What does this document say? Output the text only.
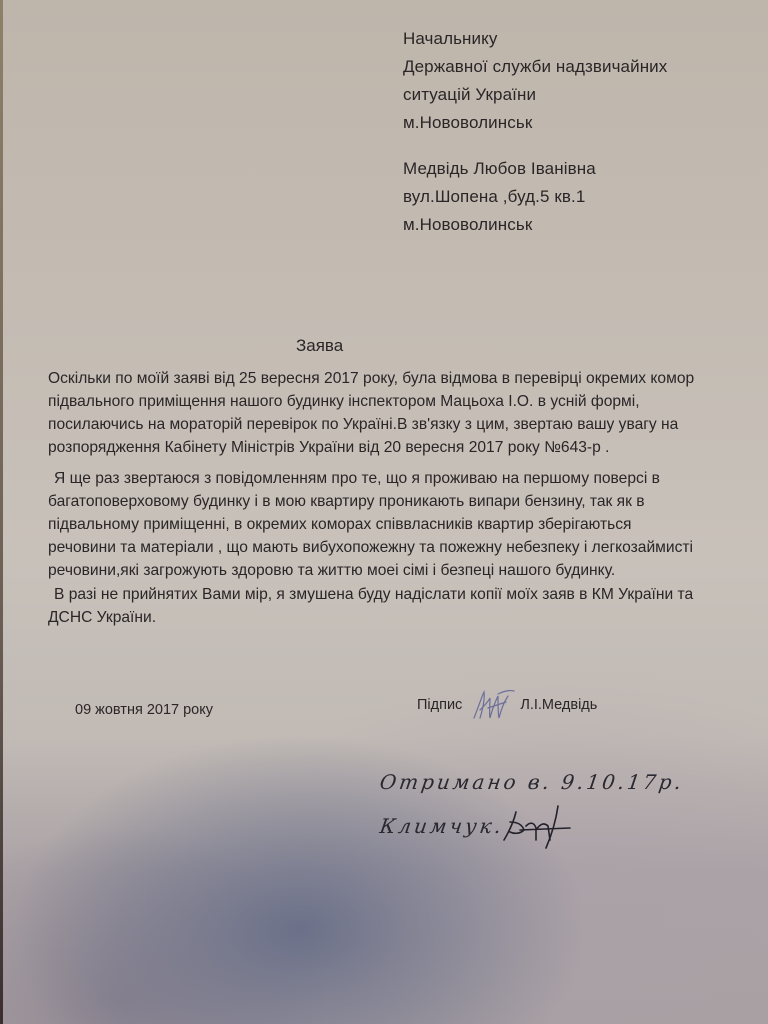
Начальнику
Державної служби надзвичайних
ситуацій України
м.Нововолинськ
Медвідь Любов Іванівна
вул.Шопена ,буд.5 кв.1
м.Нововолинськ
Заява
Оскільки по моїй заяві від 25 вересня 2017 року, була відмова в перевірці окремих комор
підвального приміщення нашого будинку інспектором Мацьоха І.О. в усній формі,
посилаючись на мораторій перевірок по Україні.В зв'язку з цим, звертаю вашу увагу на
розпорядження Кабінету Міністрів України від 20 вересня 2017 року №643-р .
Я ще раз звертаюся з повідомленням про те, що я проживаю на першому поверсі в
багатоповерховому будинку і в мою квартиру проникають випари бензину, так як в
підвальному приміщенні, в окремих коморах співвласників квартир зберігаються
речовини та матеріали , що мають вибухопожежну та пожежну небезпеку і легкозаймисті
речовини,які загрожують здоровю та життю моеі сімі і безпеці нашого будинку.
В разі не прийнятих Вами мір, я змушена буду надіслати копії моїх заяв в КМ України та
ДСНС України.
09 жовтня 2017 року	Підпис	Л.І.Медвідь
Отримано в. 9.10.17р.
Климчук.
